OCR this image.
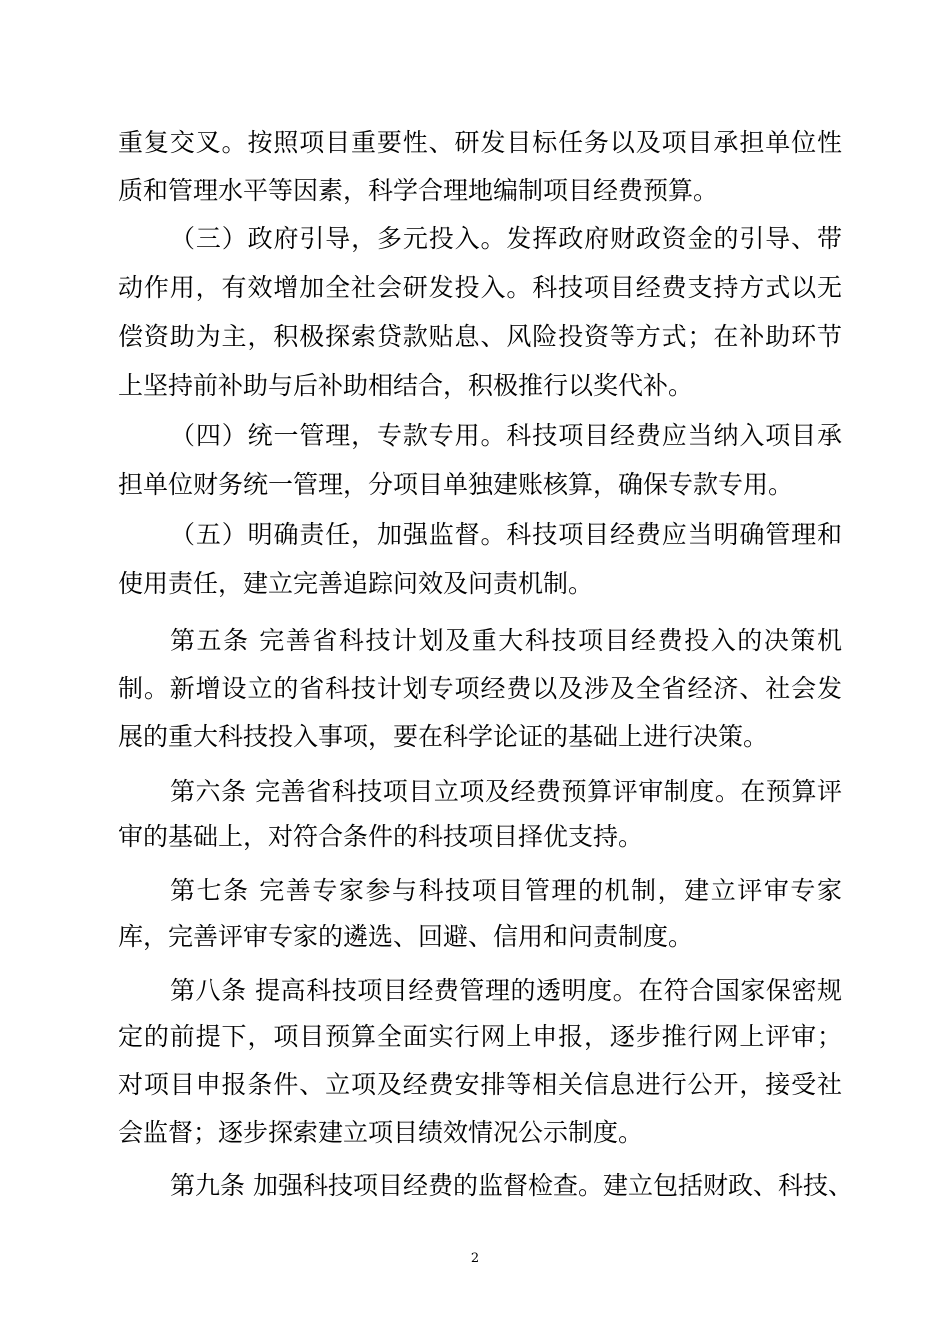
重复交叉。按照项目重要性、研发目标任务以及项目承担单位性
质和管理水平等因素，科学合理地编制项目经费预算。
（三）政府引导，多元投入。发挥政府财政资金的引导、带
动作用，有效增加全社会研发投入。科技项目经费支持方式以无
偿资助为主，积极探索贷款贴息、风险投资等方式；在补助环节
上坚持前补助与后补助相结合，积极推行以奖代补。
（四）统一管理，专款专用。科技项目经费应当纳入项目承
担单位财务统一管理，分项目单独建账核算，确保专款专用。
（五）明确责任，加强监督。科技项目经费应当明确管理和
使用责任，建立完善追踪问效及问责机制。
第五条 完善省科技计划及重大科技项目经费投入的决策机
制。新增设立的省科技计划专项经费以及涉及全省经济、社会发
展的重大科技投入事项，要在科学论证的基础上进行决策。
第六条 完善省科技项目立项及经费预算评审制度。在预算评
审的基础上，对符合条件的科技项目择优支持。
第七条 完善专家参与科技项目管理的机制，建立评审专家
库，完善评审专家的遴选、回避、信用和问责制度。
第八条 提高科技项目经费管理的透明度。在符合国家保密规
定的前提下，项目预算全面实行网上申报，逐步推行网上评审；
对项目申报条件、立项及经费安排等相关信息进行公开，接受社
会监督；逐步探索建立项目绩效情况公示制度。
第九条 加强科技项目经费的监督检查。建立包括财政、科技、
2
